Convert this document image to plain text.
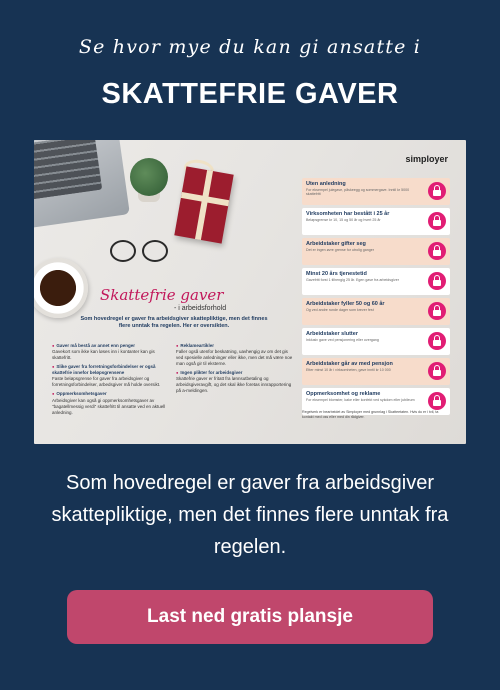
Se hvor mye du kan gi ansatte i
SKATTEFRIE GAVER
simployer
Skattefrie gaver
- i arbeidsforhold
Som hovedregel er gaver fra arbeidsgiver skattepliktige, men det finnes flere unntak fra regelen. Her er oversikten.
● Gaver må bestå av annet enn penger
Gavekort som ikke kan løses inn i kontanter kan gis skattefritt.
● Slike gaver fra forretningsforbindelser er også skattefrie innefor beløpsgrensene
Faste beløpsgrense for gaver fra arbeidsgiver og forretningsforbindelser, arbedsgiver må holde oversikt.
● Oppmerksomhetsgaver
Arbeidsgiver kan også gi oppmerksomhetsgaver av "bagatellmessig verdi" skattefritt til ansatte ved en aktuell anledning.
● Reklameartikler
Faller også utenfor beskatning, uavhengig av om det gis ved spesielle anledninger eller ikke, men det må være noe man også gir til eksterne.
● Ingen plikter for arbeidsgiver
Skattefrie gaver er fritatt fra lønnsutbetaling og arbeidsgiveravgift, og det skal ikke foretas innrapportering på a-meldingen.
Uten anledning
For eksempel julegave, påskeegg og sommergave. Inntil kr 5000 skattefritt
Virksomheten har bestått i 25 år
Beløpsgrense kr 10, 15 og 50 år og hvert 25 år
Arbeidstaker gifter seg
Det er ingen øvre grense for utrolig ganger
Minst 20 års tjenestetid
Gavefritt forst 1 tilhengig 25 år. Egen gave fra arbeidsgiver
Arbeidstaker fyller 50 og 60 år
Og ved andre runde dager som krever fest
Arbeidstaker slutter
Inklusiv gave ved pensjonering eller overgang
Arbeidstaker går av med pensjon
Etter minst 10 år i virksomheten, gave inntil kr 10 000
Oppmerksomhet og reklame
For eksempel blomster, kake eller konfekt ved sykdom eller jubileum
Regelverk er bearbeidet av Simployer med grunnlag i Skatteetaten. Hvis du er i tvil, ta kontakt med oss eller med din rådgiver.

Som hovedregel er gaver fra arbeidsgiver skattepliktige, men det finnes flere unntak fra regelen.

Last ned gratis plansje
